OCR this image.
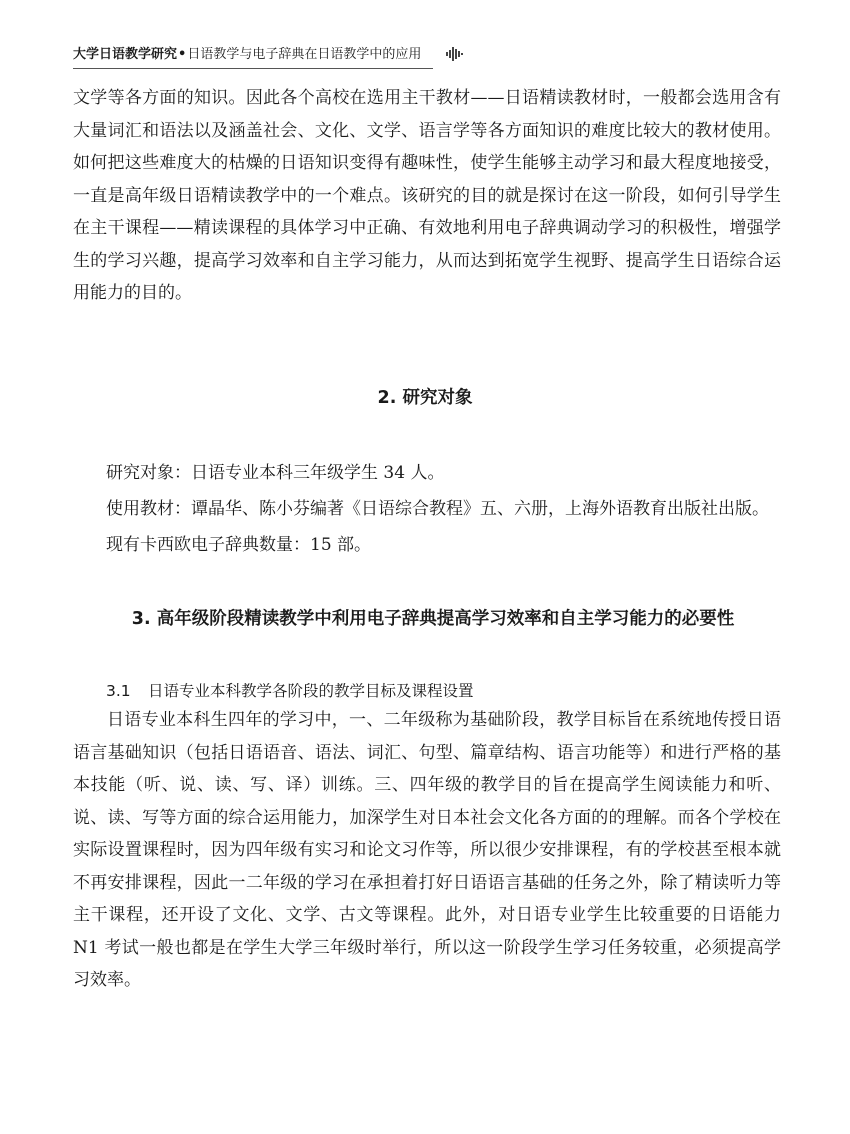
大学日语教学研究•日语教学与电子辞典在日语教学中的应用

文学等各方面的知识。因此各个高校在选用主干教材——日语精读教材时，一般都会选用含有大量词汇和语法以及涵盖社会、文化、文学、语言学等各方面知识的难度比较大的教材使用。如何把这些难度大的枯燥的日语知识变得有趣味性，使学生能够主动学习和最大程度地接受，一直是高年级日语精读教学中的一个难点。该研究的目的就是探讨在这一阶段，如何引导学生在主干课程——精读课程的具体学习中正确、有效地利用电子辞典调动学习的积极性，增强学生的学习兴趣，提高学习效率和自主学习能力，从而达到拓宽学生视野、提高学生日语综合运用能力的目的。

2. 研究对象
研究对象：日语专业本科三年级学生 34 人。
使用教材：谭晶华、陈小芬编著《日语综合教程》五、六册，上海外语教育出版社出版。
现有卡西欧电子辞典数量：15 部。
3. 高年级阶段精读教学中利用电子辞典提高学习效率和自主学习能力的必要性
3.1 日语专业本科教学各阶段的教学目标及课程设置

日语专业本科生四年的学习中，一、二年级称为基础阶段，教学目标旨在系统地传授日语语言基础知识（包括日语语音、语法、词汇、句型、篇章结构、语言功能等）和进行严格的基本技能（听、说、读、写、译）训练。三、四年级的教学目的旨在提高学生阅读能力和听、说、读、写等方面的综合运用能力，加深学生对日本社会文化各方面的的理解。而各个学校在实际设置课程时，因为四年级有实习和论文习作等，所以很少安排课程，有的学校甚至根本就不再安排课程，因此一二年级的学习在承担着打好日语语言基础的任务之外，除了精读听力等主干课程，还开设了文化、文学、古文等课程。此外，对日语专业学生比较重要的日语能力 N1 考试一般也都是在学生大学三年级时举行，所以这一阶段学生学习任务较重，必须提高学习效率。
